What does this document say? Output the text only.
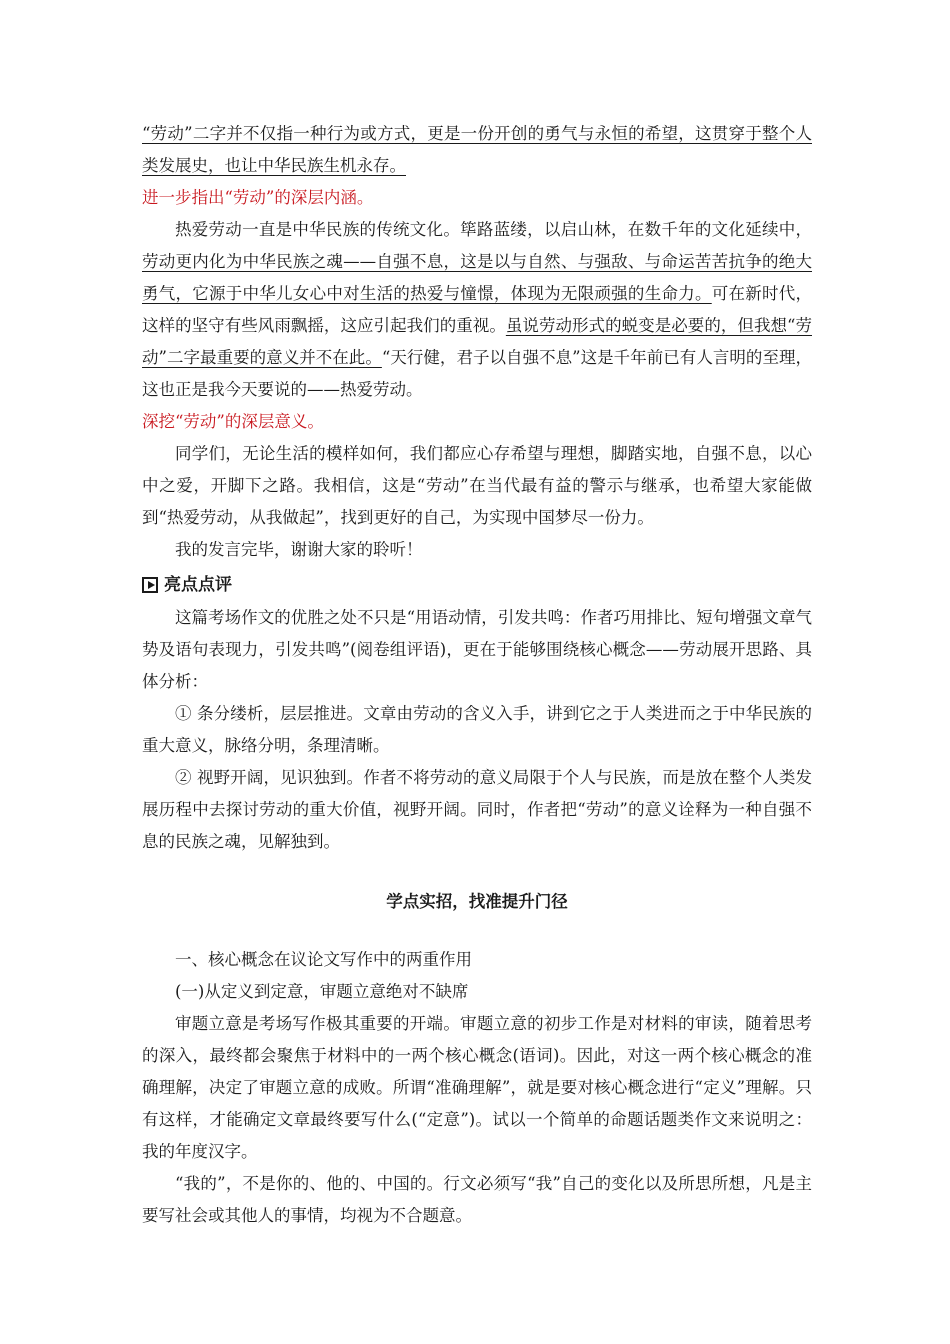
“劳动”二字并不仅指一种行为或方式，更是一份开创的勇气与永恒的希望，这贯穿于整个人类发展史，也让中华民族生机永存。

进一步指出“劳动”的深层内涵。

热爱劳动一直是中华民族的传统文化。筚路蓝缕，以启山林，在数千年的文化延续中，劳动更内化为中华民族之魂——自强不息，这是以与自然、与强敌、与命运苦苦抗争的绝大勇气，它源于中华儿女心中对生活的热爱与憧憬，体现为无限顽强的生命力。可在新时代，这样的坚守有些风雨飘摇，这应引起我们的重视。虽说劳动形式的蜕变是必要的，但我想“劳动”二字最重要的意义并不在此。“天行健，君子以自强不息”这是千年前已有人言明的至理，这也正是我今天要说的——热爱劳动。

深挖“劳动”的深层意义。

同学们，无论生活的模样如何，我们都应心存希望与理想，脚踏实地，自强不息，以心中之爱，开脚下之路。我相信，这是“劳动”在当代最有益的警示与继承，也希望大家能做到“热爱劳动，从我做起”，找到更好的自己，为实现中国梦尽一份力。

我的发言完毕，谢谢大家的聆听！

亮点点评

这篇考场作文的优胜之处不只是“用语动情，引发共鸣：作者巧用排比、短句增强文章气势及语句表现力，引发共鸣”(阅卷组评语)，更在于能够围绕核心概念——劳动展开思路、具体分析：

① 条分缕析，层层推进。文章由劳动的含义入手，讲到它之于人类进而之于中华民族的重大意义，脉络分明，条理清晰。

② 视野开阔，见识独到。作者不将劳动的意义局限于个人与民族，而是放在整个人类发展历程中去探讨劳动的重大价值，视野开阔。同时，作者把“劳动”的意义诠释为一种自强不息的民族之魂，见解独到。

学点实招，找准提升门径

一、核心概念在议论文写作中的两重作用

(一)从定义到定意，审题立意绝对不缺席

审题立意是考场写作极其重要的开端。审题立意的初步工作是对材料的审读，随着思考的深入，最终都会聚焦于材料中的一两个核心概念(语词)。因此，对这一两个核心概念的准确理解，决定了审题立意的成败。所谓“准确理解”，就是要对核心概念进行“定义”理解。只有这样，才能确定文章最终要写什么(“定意”)。试以一个简单的命题话题类作文来说明之：我的年度汉字。

“我的”，不是你的、他的、中国的。行文必须写“我”自己的变化以及所思所想，凡是主要写社会或其他人的事情，均视为不合题意。
